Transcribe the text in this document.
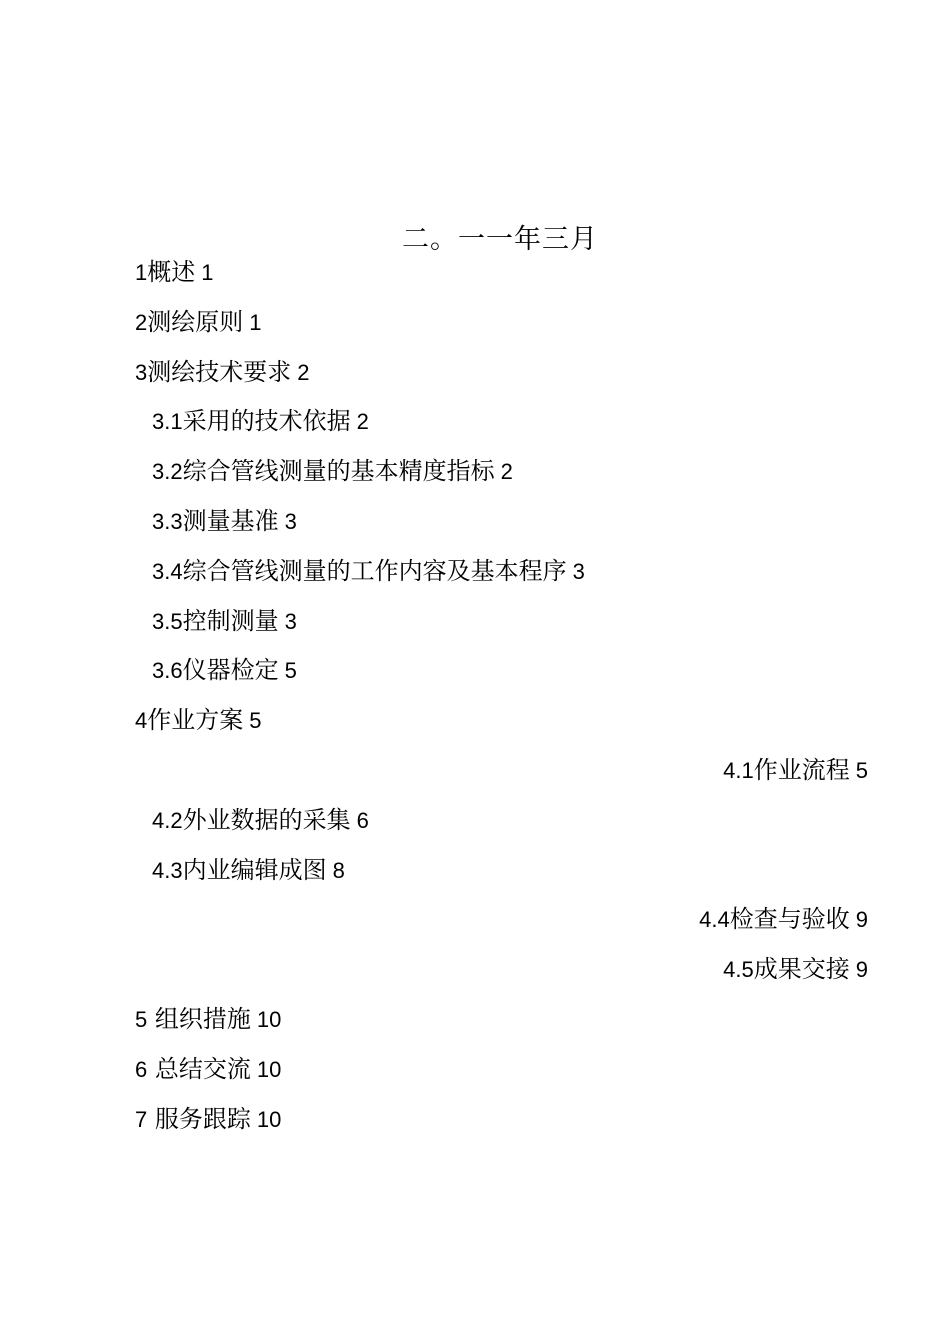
二。一一年三月
1概述 1
2测绘原则 1
3测绘技术要求 2
3.1采用的技术依据 2
3.2综合管线测量的基本精度指标 2
3.3测量基准 3
3.4综合管线测量的工作内容及基本程序 3
3.5控制测量 3
3.6仪器检定 5
4作业方案 5
4.1作业流程 5
4.2外业数据的采集 6
4.3内业编辑成图 8
4.4检查与验收 9
4.5成果交接 9
5 组织措施 10
6 总结交流 10
7 服务跟踪 10
